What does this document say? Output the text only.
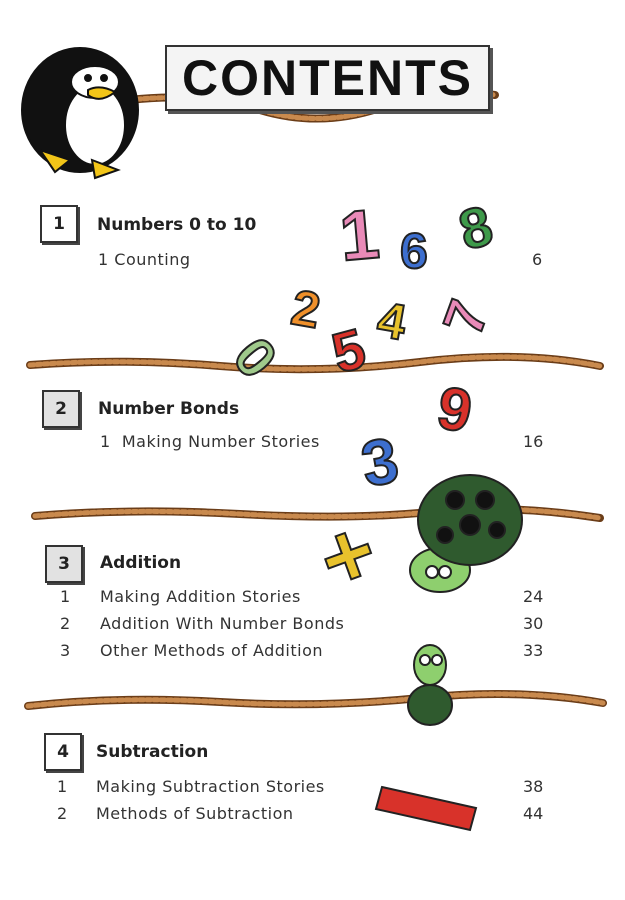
CONTENTS
1 6 8
2
5 4 7
0
9
3
+
1	Numbers 0 to 10
1 Counting	6
2	Number Bonds
1 Making Number Stories	16
3	Addition
1 Making Addition Stories	24
2 Addition With Number Bonds	30
3 Other Methods of Addition	33
4	Subtraction
1 Making Subtraction Stories	38
2 Methods of Subtraction	44
